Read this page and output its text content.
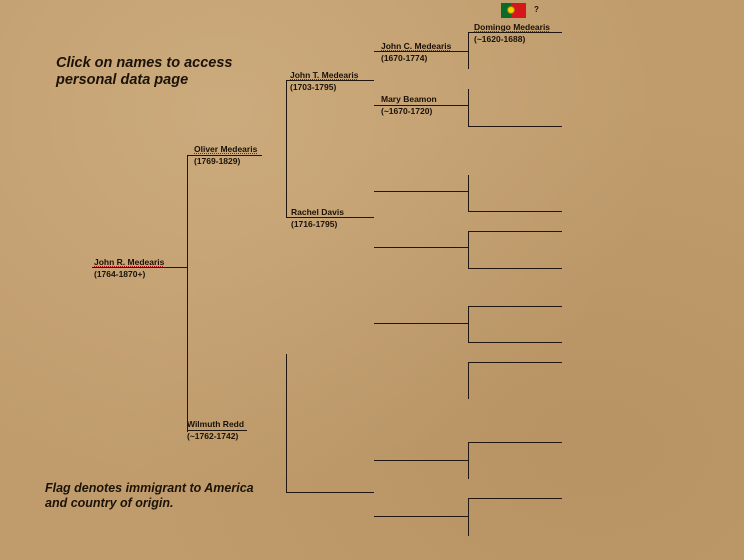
Click on names to access
personal data page
Flag denotes immigrant to America
and country of origin.
?
John R. Medearis
(1764-1870+)
Oliver Medearis
(1769-1829)
Wilmuth Redd
(~1762-1742)
John T. Medearis
(1703-1795)
Rachel Davis
(1716-1795)
John C. Medearis
(1670-1774)
Mary Beamon
(~1670-1720)
Domingo Medearis
(~1620-1688)
